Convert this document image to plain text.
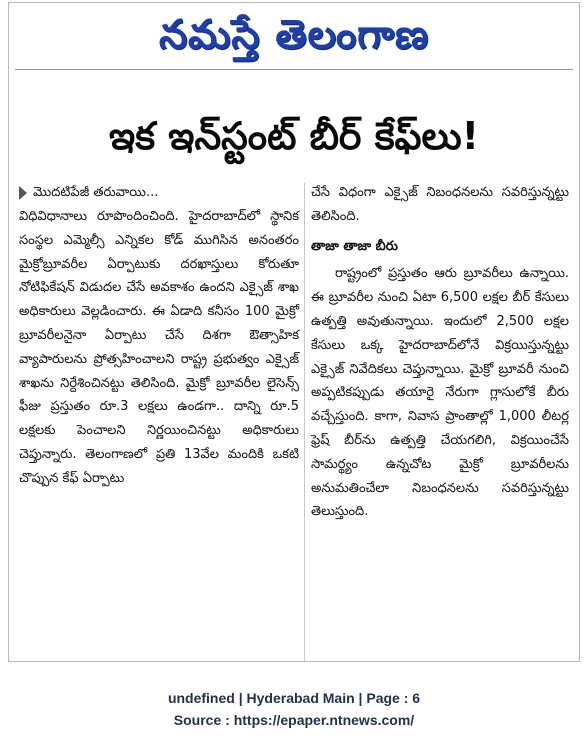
నమస్తే తెలంగాణ
ఇక ఇన్‌స్టంట్ బీర్ కేఫ్‌లు!
మొదటిపేజీ తరువాయి...

విధివిధానాలు రూపొందించింది. హైదరాబాద్‌లో స్థానిక సంస్థల ఎమ్మెల్సీ ఎన్నికల కోడ్ ముగిసిన అనంతరం మైక్రోబ్రూవరీల ఏర్పాటుకు దరఖాస్తులు కోరుతూ నోటిఫికేషన్ విడుదల చేసే అవకాశం ఉందని ఎక్సైజ్ శాఖ అధికారులు వెల్లడించారు. ఈ ఏడాది కనీసం 100 మైక్రో బ్రూవరీలనైనా ఏర్పాటు చేసే దిశగా ఔత్సాహిక వ్యాపారులను ప్రోత్సహించాలని రాష్ట్ర ప్రభుత్వం ఎక్సైజ్ శాఖను నిర్దేశించినట్టు తెలిసింది. మైక్రో బ్రూవరీల లైసెన్స్ ఫీజు ప్రస్తుతం రూ.3 లక్షలు ఉండగా.. దాన్ని రూ.5 లక్షలకు పెంచాలని నిర్ణయించినట్టు అధికారులు చెప్తున్నారు. తెలంగాణలో ప్రతి 13వేల మందికి ఒకటి చొప్పున కేఫ్ ఏర్పాటు

చేసే విధంగా ఎక్సైజ్ నిబంధనలను సవరిస్తున్నట్టు తెలిసింది.

తాజా తాజా బీరు

రాష్ట్రంలో ప్రస్తుతం ఆరు బ్రూవరీలు ఉన్నాయి. ఈ బ్రూవరీల నుంచి ఏటా 6,500 లక్షల బీర్ కేసులు ఉత్పత్తి అవుతున్నాయి. ఇందులో 2,500 లక్షల కేసులు ఒక్క హైదరాబాద్‌లోనే విక్రయిస్తున్నట్టు ఎక్సైజ్ నివేదికలు చెప్తున్నాయి. మైక్రో బ్రూవరీ నుంచి అప్పటికప్పుడు తయారై నేరుగా గ్లాసులోకే బీరు వచ్చేస్తుంది. కాగా, నివాస ప్రాంతాల్లో 1,000 లీటర్ల ఫ్రెష్ బీర్‌ను ఉత్పత్తి చేయగలిగి, విక్రయించేసే సామర్థ్యం ఉన్నచోట మైక్రో బ్రూవరీలను అనుమతించేలా నిబంధనలను సవరిస్తున్నట్టు తెలుస్తుంది.

undefined | Hyderabad Main | Page : 6
Source : https://epaper.ntnews.com/
